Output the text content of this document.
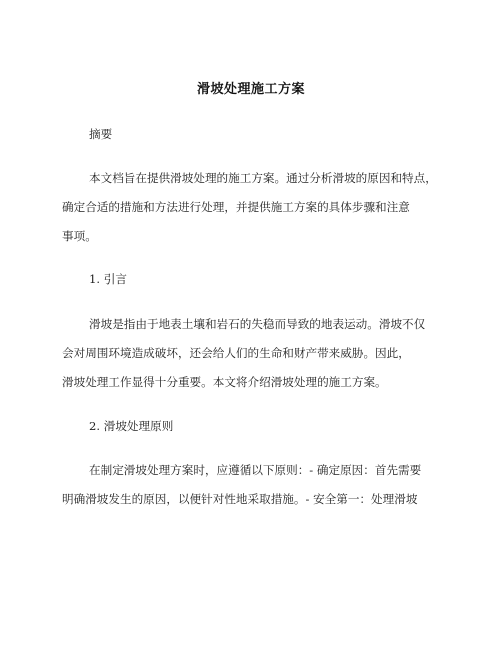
滑坡处理施工方案
摘要
本文档旨在提供滑坡处理的施工方案。通过分析滑坡的原因和特点，
确定合适的措施和方法进行处理，并提供施工方案的具体步骤和注意
事项。
1. 引言
滑坡是指由于地表土壤和岩石的失稳而导致的地表运动。滑坡不仅
会对周围环境造成破坏，还会给人们的生命和财产带来威胁。因此，
滑坡处理工作显得十分重要。本文将介绍滑坡处理的施工方案。
2. 滑坡处理原则
在制定滑坡处理方案时，应遵循以下原则：- 确定原因：首先需要
明确滑坡发生的原因，以便针对性地采取措施。- 安全第一：处理滑坡
